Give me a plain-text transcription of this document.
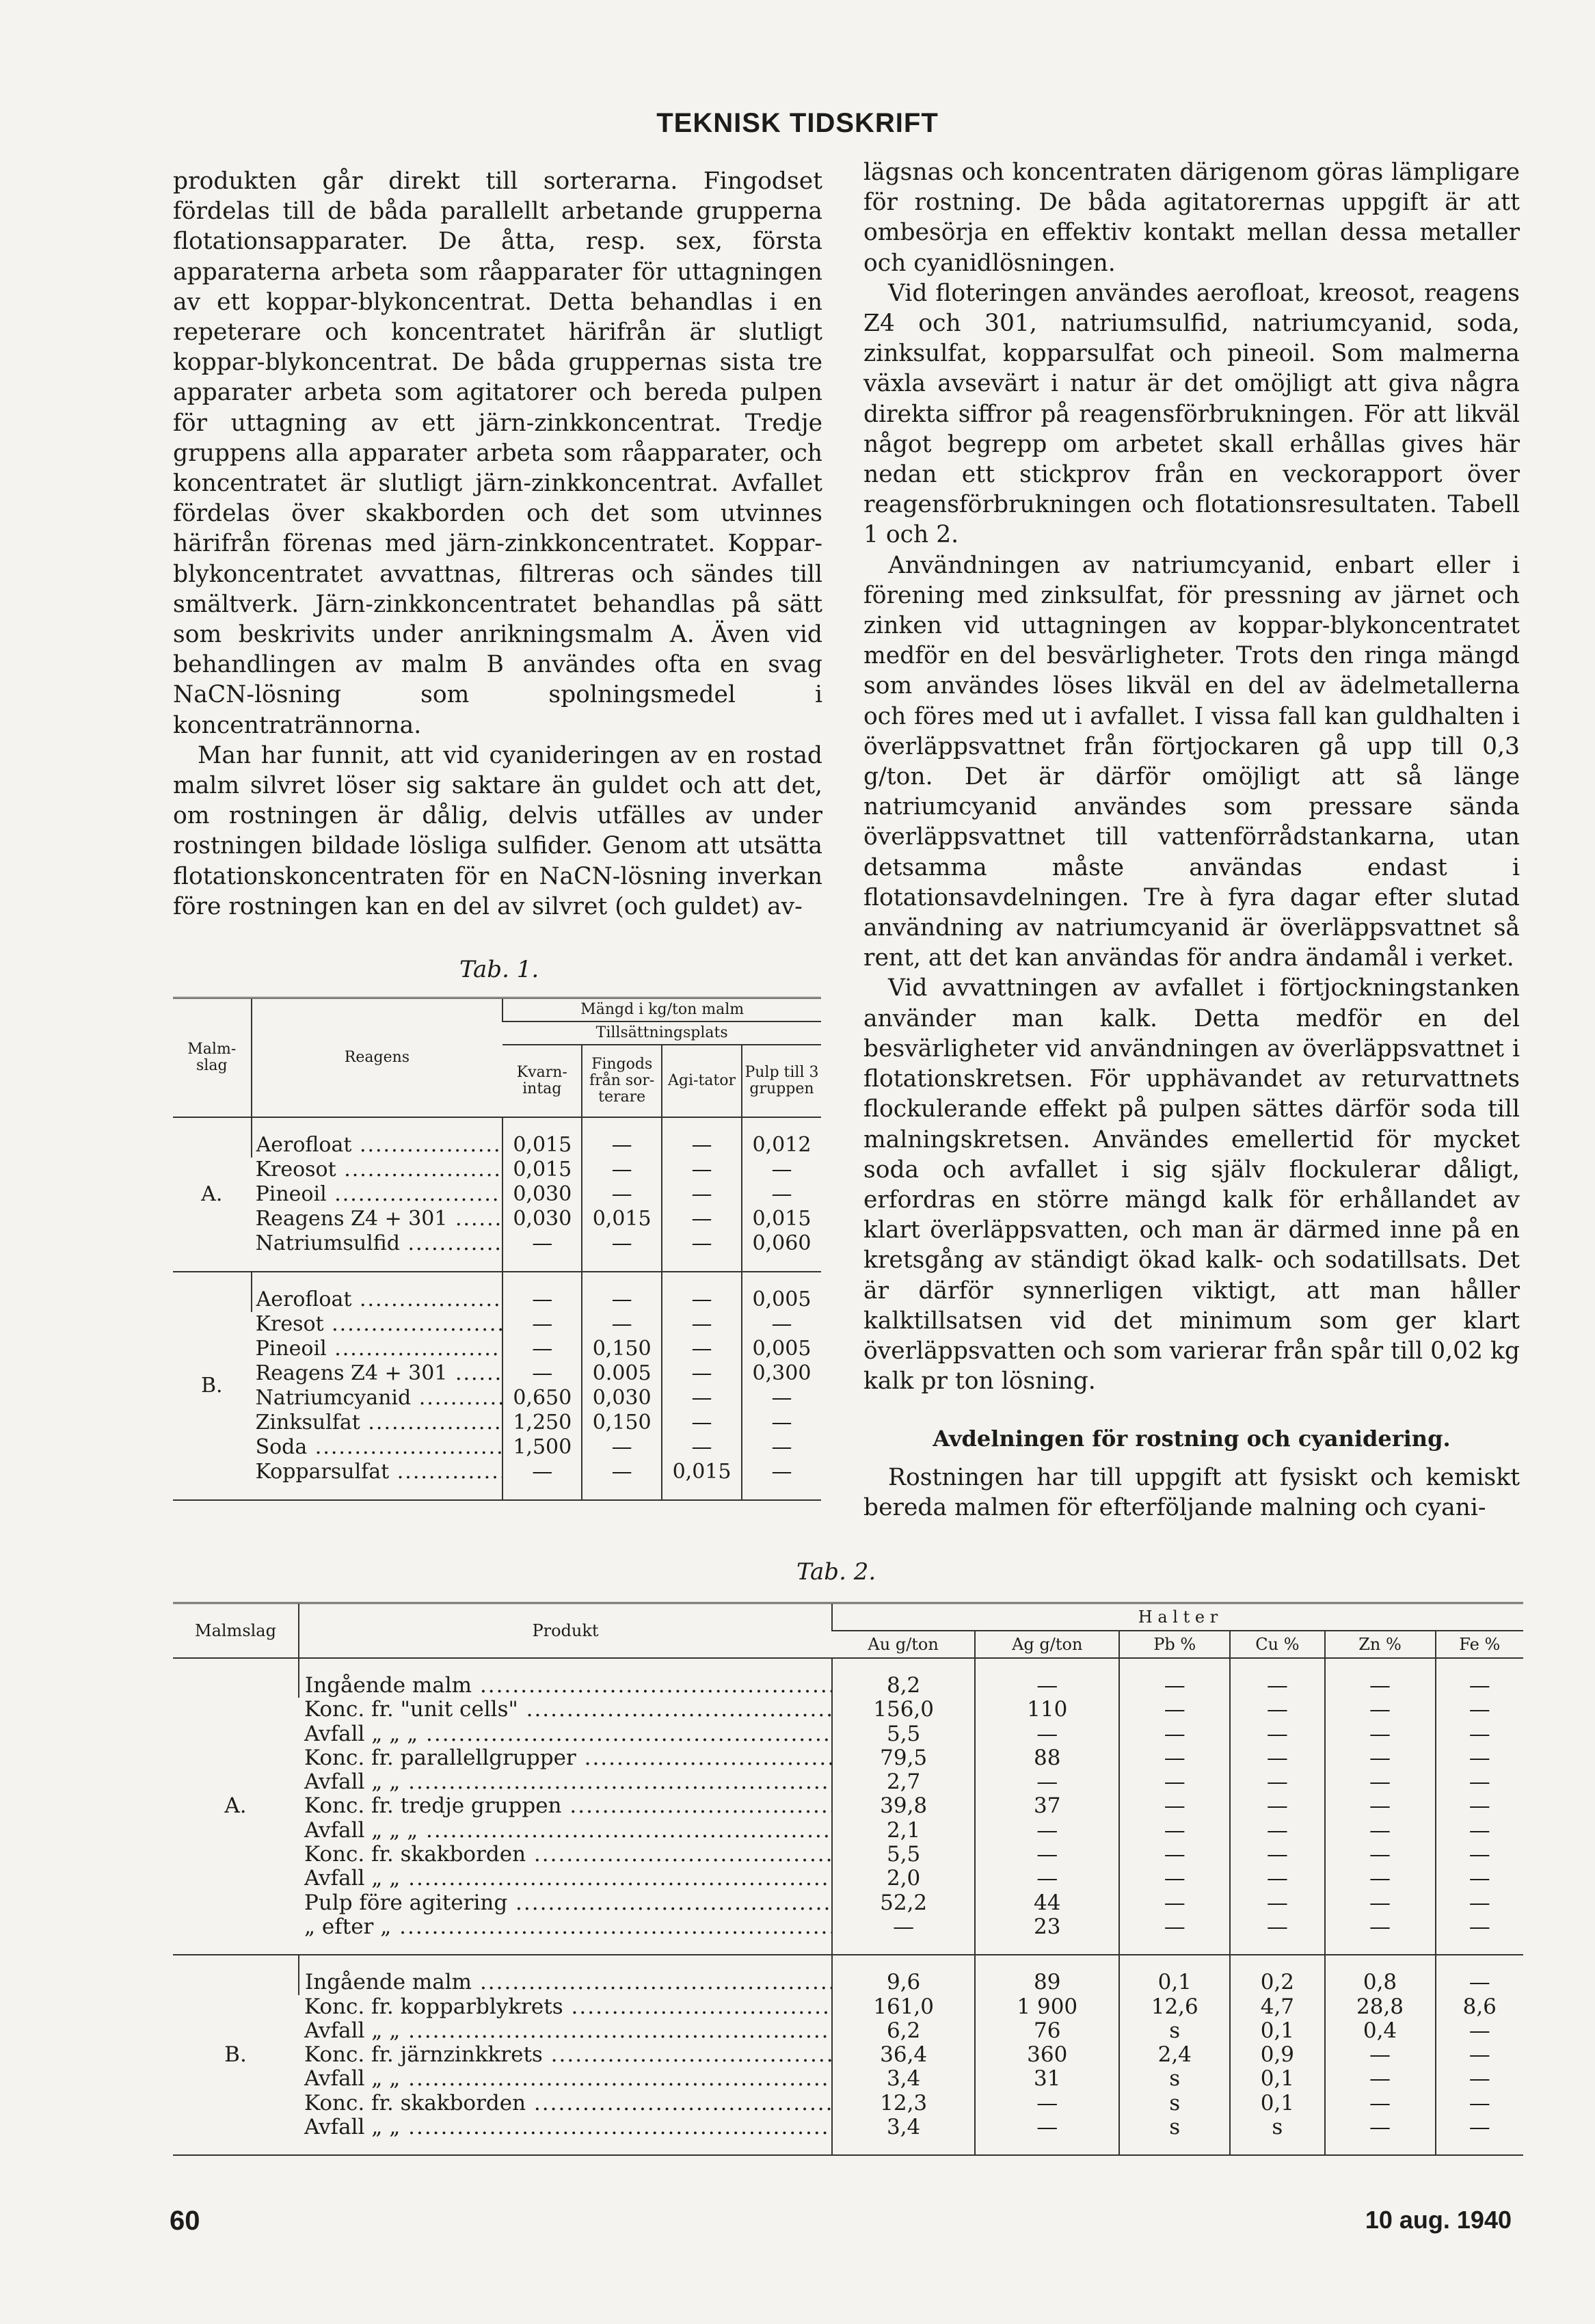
TEKNISK TIDSKRIFT

produkten går direkt till sorterarna. Fingodset fördelas till de båda parallellt arbetande grupperna flotationsapparater. De åtta, resp. sex, första apparaterna arbeta som råapparater för uttagningen av ett koppar-blykoncentrat. Detta behandlas i en repeterare och koncentratet härifrån är slutligt koppar-blykoncentrat. De båda gruppernas sista tre apparater arbeta som agitatorer och bereda pulpen för uttagning av ett järn-zinkkoncentrat. Tredje gruppens alla apparater arbeta som råapparater, och koncentratet är slutligt järn-zinkkoncentrat. Avfallet fördelas över skakborden och det som utvinnes härifrån förenas med järn-zinkkoncentratet. Koppar-blykoncentratet avvattnas, filtreras och sändes till smältverk. Järn-zinkkoncentratet behandlas på sätt som beskrivits under anrikningsmalm A. Även vid behandlingen av malm B användes ofta en svag NaCN-lösning som spolningsmedel i koncentratrännorna.

Man har funnit, att vid cyanideringen av en rostad malm silvret löser sig saktare än guldet och att det, om rostningen är dålig, delvis utfälles av under rostningen bildade lösliga sulfider. Genom att utsätta flotationskoncentraten för en NaCN-lösning inverkan före rostningen kan en del av silvret (och guldet) av-

lägsnas och koncentraten därigenom göras lämpligare för rostning. De båda agitatorernas uppgift är att ombesörja en effektiv kontakt mellan dessa metaller och cyanidlösningen.

Vid floteringen användes aerofloat, kreosot, reagens Z4 och 301, natriumsulfid, natriumcyanid, soda, zinksulfat, kopparsulfat och pineoil. Som malmerna växla avsevärt i natur är det omöjligt att giva några direkta siffror på reagensförbrukningen. För att likväl något begrepp om arbetet skall erhållas gives här nedan ett stickprov från en veckorapport över reagensförbrukningen och flotationsresultaten. Tabell 1 och 2.

Användningen av natriumcyanid, enbart eller i förening med zinksulfat, för pressning av järnet och zinken vid uttagningen av koppar-blykoncentratet medför en del besvärligheter. Trots den ringa mängd som användes löses likväl en del av ädelmetallerna och föres med ut i avfallet. I vissa fall kan guldhalten i överläppsvattnet från förtjockaren gå upp till 0,3 g/ton. Det är därför omöjligt att så länge natriumcyanid användes som pressare sända överläppsvattnet till vattenförrådstankarna, utan detsamma måste användas endast i flotationsavdelningen. Tre à fyra dagar efter slutad användning av natriumcyanid är överläppsvattnet så rent, att det kan användas för andra ändamål i verket.

Vid avvattningen av avfallet i förtjockningstanken använder man kalk. Detta medför en del besvärligheter vid användningen av överläppsvattnet i flotationskretsen. För upphävandet av returvattnets flockulerande effekt på pulpen sättes därför soda till malningskretsen. Användes emellertid för mycket soda och avfallet i sig själv flockulerar dåligt, erfordras en större mängd kalk för erhållandet av klart överläppsvatten, och man är därmed inne på en kretsgång av ständigt ökad kalk- och sodatillsats. Det är därför synnerligen viktigt, att man håller kalktillsatsen vid det minimum som ger klart överläppsvatten och som varierar från spår till 0,02 kg kalk pr ton lösning.

Avdelningen för rostning och cyanidering.

Rostningen har till uppgift att fysiskt och kemiskt bereda malmen för efterföljande malning och cyani-

Tab. 1.
Malm-slag	Reagens	Mängd i kg/ton malm			
		Tillsättningsplats			
		Kvarn-intag	Fingods från sor-terare	Agi-tator	Pulp till 3 gruppen
A.	Aerofloat .....	0,015	—	—	0,012
	Kreosot .....	0,015	—	—	—
	Pineoil .....	0,030	—	—	—
	Reagens Z4 + 301 .....	0,030	0,015	—	0,015
	Natriumsulfid .....	—	—	—	0,060
B.	Aerofloat .....	—	—	—	0,005
	Kresot .....	—	—	—	—
	Pineoil .....	—	0,150	—	0,005
	Reagens Z4 + 301 .....	—	0.005	—	0,300
	Natriumcyanid .....	0,650	0,030	—	—
	Zinksulfat .....	1,250	0,150	—	—
	Soda .....	1,500	—	—	—
	Kopparsulfat .....	—	—	0,015	—
Tab. 2.
Malmslag	Produkt	H a l t e r					
		Au g/ton	Ag g/ton	Pb %	Cu %	Zn %	Fe %
A.	Ingående malm .....	8,2	—	—	—	—	—
	Konc. fr. "unit cells" .....	156,0	110	—	—	—	—
	Avfall „ „ „ .....	5,5	—	—	—	—	—
	Konc. fr. parallellgrupper .....	79,5	88	—	—	—	—
	Avfall „ „ .....	2,7	—	—	—	—	—
	Konc. fr. tredje gruppen .....	39,8	37	—	—	—	—
	Avfall „ „ „ .....	2,1	—	—	—	—	—
	Konc. fr. skakborden .....	5,5	—	—	—	—	—
	Avfall „ „ .....	2,0	—	—	—	—	—
	Pulp före agitering .....	52,2	44	—	—	—	—
	„ efter „ .....	—	23	—	—	—	—
B.	Ingående malm .....	9,6	89	0,1	0,2	0,8	—
	Konc. fr. kopparblykrets .....	161,0	1 900	12,6	4,7	28,8	8,6
	Avfall „ „ .....	6,2	76	s	0,1	0,4	—
	Konc. fr. järnzinkkrets .....	36,4	360	2,4	0,9	—	—
	Avfall „ „ .....	3,4	31	s	0,1	—	—
	Konc. fr. skakborden .....	12,3	—	s	0,1	—	—
	Avfall „ „ .....	3,4	—	s	s	—	—
60	10 aug. 1940
